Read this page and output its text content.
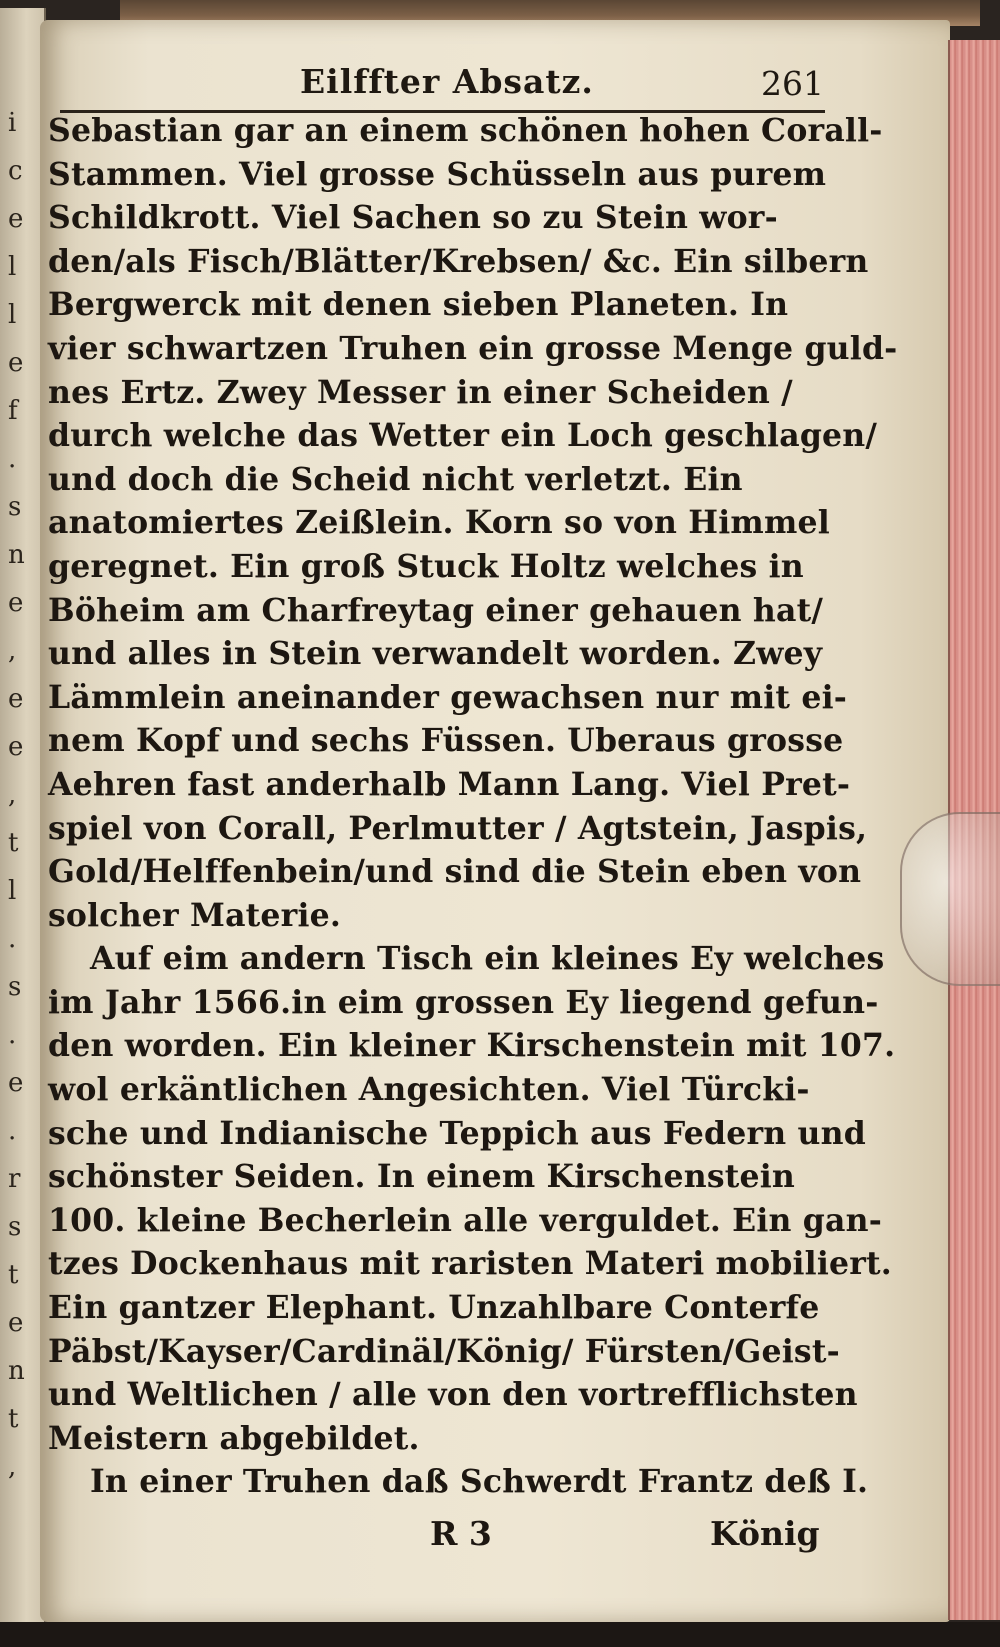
i
c
e
l
l
e
f
.
s
n
e
,
e
e
,
t
l
.
s
.
e
.
r
s
t
e
n
t
,
Eilffter Absatz.	261
Sebastian gar an einem schönen hohen Corall-
Stammen. Viel grosse Schüsseln aus purem
Schildkrott. Viel Sachen so zu Stein wor-
den/als Fisch/Blätter/Krebsen/ &c. Ein silbern
Bergwerck mit denen sieben Planeten. In
vier schwartzen Truhen ein grosse Menge guld-
nes Ertz. Zwey Messer in einer Scheiden /
durch welche das Wetter ein Loch geschlagen/
und doch die Scheid nicht verletzt. Ein
anatomiertes Zeißlein. Korn so von Himmel
geregnet. Ein groß Stuck Holtz welches in
Böheim am Charfreytag einer gehauen hat/
und alles in Stein verwandelt worden. Zwey
Lämmlein aneinander gewachsen nur mit ei-
nem Kopf und sechs Füssen. Uberaus grosse
Aehren fast anderhalb Mann Lang. Viel Pret-
spiel von Corall, Perlmutter / Agtstein, Jaspis,
Gold/Helffenbein/und sind die Stein eben von
solcher Materie.
Auf eim andern Tisch ein kleines Ey welches
im Jahr 1566.in eim grossen Ey liegend gefun-
den worden. Ein kleiner Kirschenstein mit 107.
wol erkäntlichen Angesichten. Viel Türcki-
sche und Indianische Teppich aus Federn und
schönster Seiden. In einem Kirschenstein
100. kleine Becherlein alle verguldet. Ein gan-
tzes Dockenhaus mit raristen Materi mobiliert.
Ein gantzer Elephant. Unzahlbare Conterfe
Päbst/Kayser/Cardinäl/König/ Fürsten/Geist-
und Weltlichen / alle von den vortrefflichsten
Meistern abgebildet.
In einer Truhen daß Schwerdt Frantz deß I.
R 3	König
